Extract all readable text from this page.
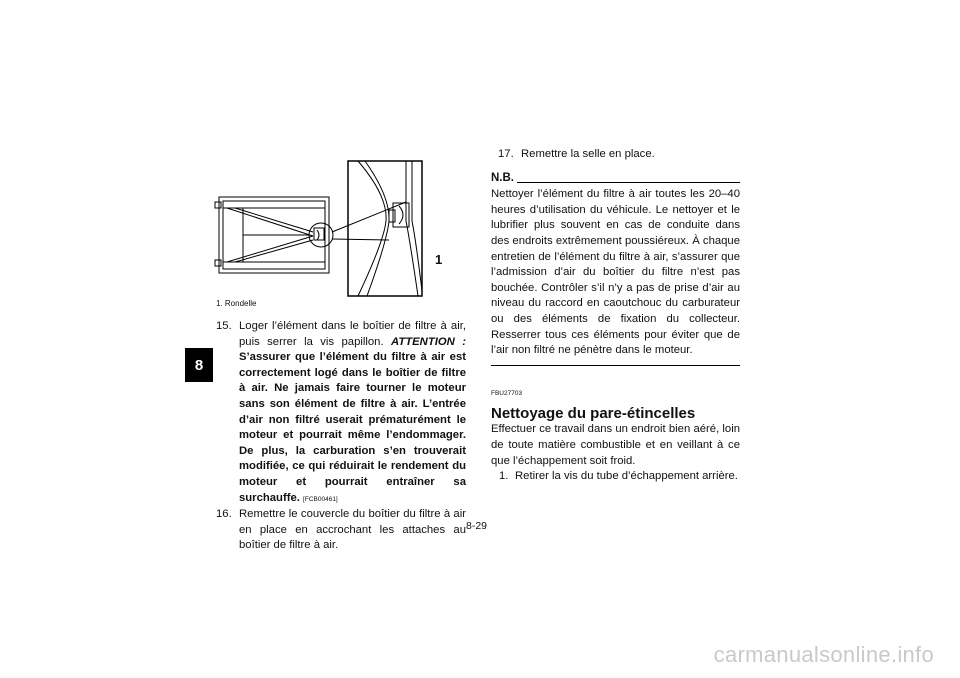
8
1
1. Rondelle
15. Loger l’élément dans le boîtier de filtre à air, puis serrer la vis papillon. ATTENTION : S’assurer que l’élément du filtre à air est correctement logé dans le boîtier de filtre à air. Ne jamais faire tourner le moteur sans son élément de filtre à air. L’entrée d’air non filtré userait prématurément le moteur et pourrait même l’endommager. De plus, la carburation s’en trouverait modifiée, ce qui réduirait le rendement du moteur et pourrait entraîner sa surchauffe. [FCB00461]
16. Remettre le couvercle du boîtier du filtre à air en place en accrochant les attaches au boîtier de filtre à air.
17. Remettre la selle en place.
N.B.
Nettoyer l’élément du filtre à air toutes les 20–40 heures d’utilisation du véhicule. Le nettoyer et le lubrifier plus souvent en cas de conduite dans des endroits extrêmement poussiéreux. À chaque entretien de l’élément du filtre à air, s’assurer que l’admission d’air du boîtier du filtre n’est pas bouchée. Contrôler s’il n’y a pas de prise d’air au niveau du raccord en caoutchouc du carburateur ou des éléments de fixation du collecteur. Resserrer tous ces éléments pour éviter que de l’air non filtré ne pénètre dans le moteur.
FBU27703
Nettoyage du pare-étincelles
Effectuer ce travail dans un endroit bien aéré, loin de toute matière combustible et en veillant à ce que l’échappement soit froid.
1. Retirer la vis du tube d’échappement arrière.
8-29
carmanualsonline.info
